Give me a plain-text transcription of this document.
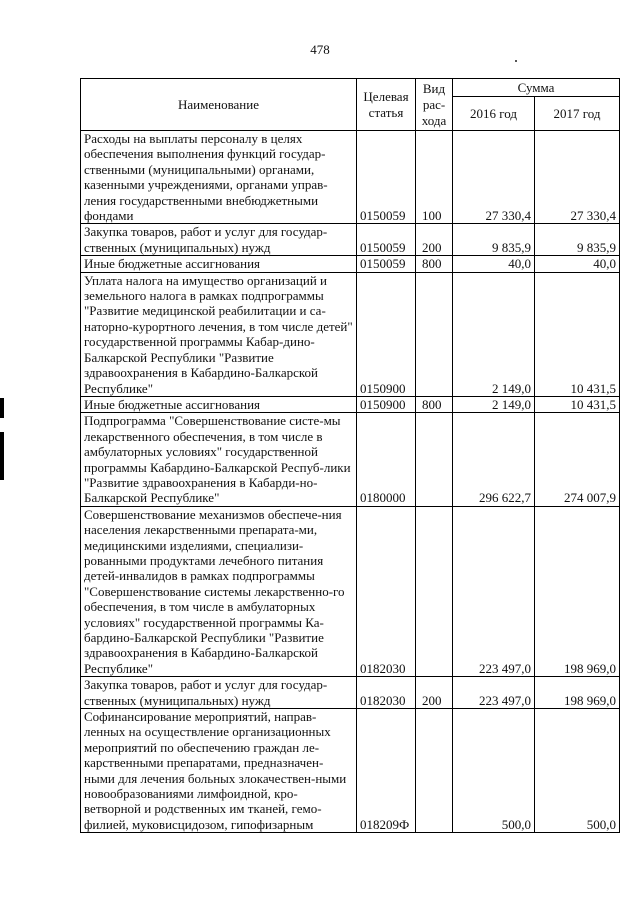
478
Наименование	Целевая статья	Вид рас-хода	Сумма	
			2016 год	2017 год
Расходы на выплаты персоналу в целях обеспечения выполнения функций государ-ственными (муниципальными) органами, казенными учреждениями, органами управ-ления государственными внебюджетными фондами	0150059	100	27 330,4	27 330,4
Закупка товаров, работ и услуг для государ-ственных (муниципальных) нужд	0150059	200	9 835,9	9 835,9
Иные бюджетные ассигнования	0150059	800	40,0	40,0
Уплата налога на имущество организаций и земельного налога в рамках подпрограммы "Развитие медицинской реабилитации и са-наторно-курортного лечения, в том числе детей" государственной программы Кабар-дино-Балкарской Республики "Развитие здравоохранения в Кабардино-Балкарской Республике"	0150900		2 149,0	10 431,5
Иные бюджетные ассигнования	0150900	800	2 149,0	10 431,5
Подпрограмма "Совершенствование систе-мы лекарственного обеспечения, в том числе в амбулаторных условиях" государственной программы Кабардино-Балкарской Респуб-лики "Развитие здравоохранения в Кабарди-но-Балкарской Республике"	0180000		296 622,7	274 007,9
Совершенствование механизмов обеспече-ния населения лекарственными препарата-ми, медицинскими изделиями, специализи-рованными продуктами лечебного питания детей-инвалидов в рамках подпрограммы "Совершенствование системы лекарственно-го обеспечения, в том числе в амбулаторных условиях" государственной программы Ка-бардино-Балкарской Республики "Развитие здравоохранения в Кабардино-Балкарской Республике"	0182030		223 497,0	198 969,0
Закупка товаров, работ и услуг для государ-ственных (муниципальных) нужд	0182030	200	223 497,0	198 969,0
Софинансирование мероприятий, направ-ленных на осуществление организационных мероприятий по обеспечению граждан ле-карственными препаратами, предназначен-ными для лечения больных злокачествен-ными новообразованиями лимфоидной, кро-ветворной и родственных им тканей, гемо-филией, муковисцидозом, гипофизарным	018209Ф		500,0	500,0
